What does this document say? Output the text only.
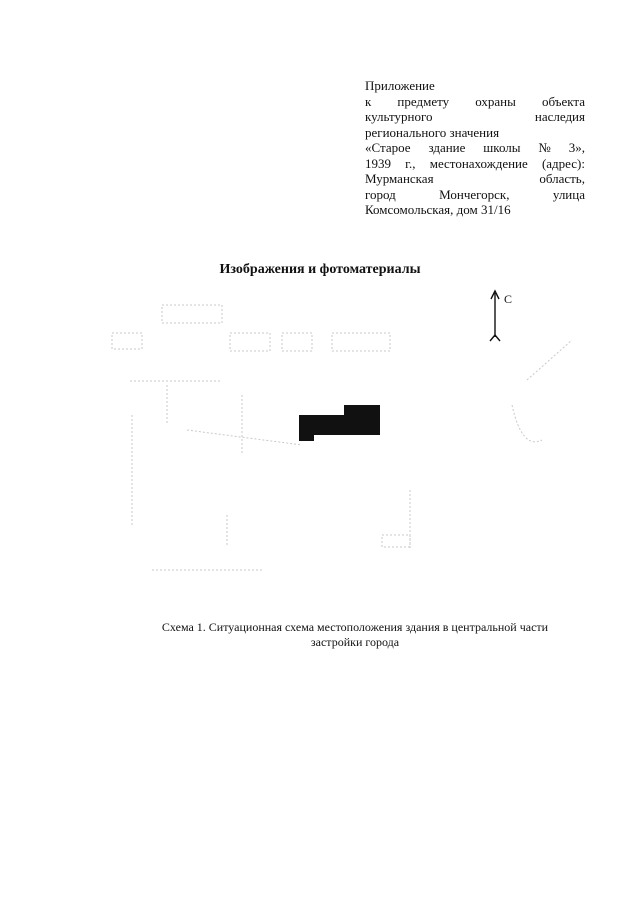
Приложение
к предмету охраны объекта
культурного	наследия
регионального значения
«Старое здание школы № 3»,
1939 г., местонахождение (адрес):
Мурманская	область,
город	Мончегорск,	улица
Комсомольская, дом 31/16
Изображения и фотоматериалы
С
Схема 1. Ситуационная схема местоположения здания в центральной части
застройки города
